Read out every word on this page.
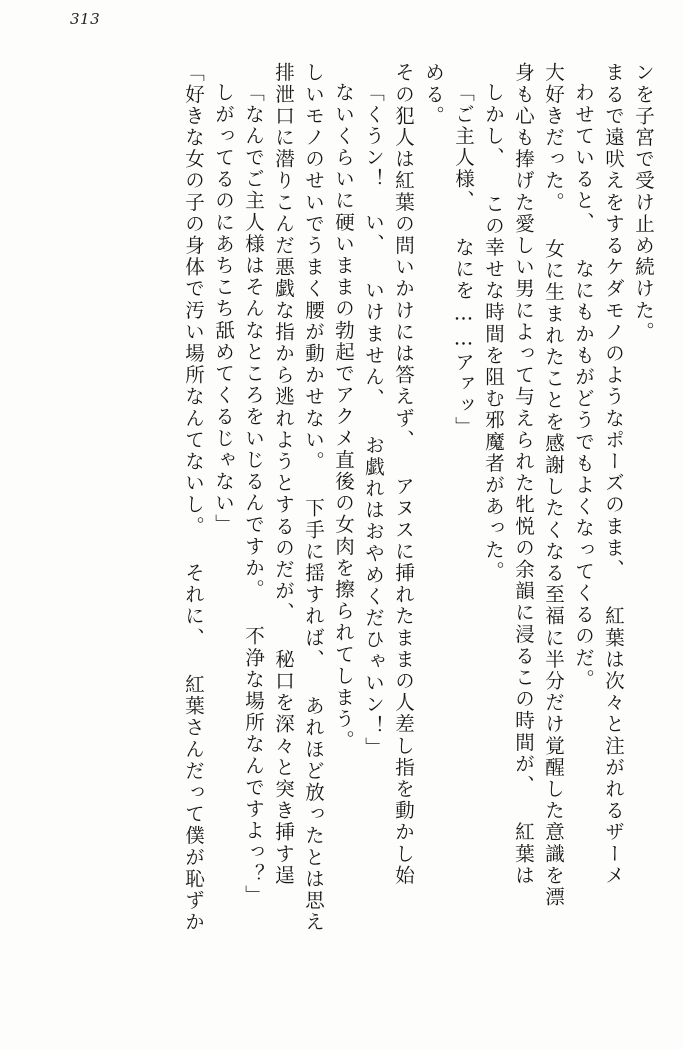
313
ンを子宮で受け止め続けた。
まるで遠吠えをするケダモノのようなポーズのまま、 紅葉は次々と注がれるザーメ
わせていると、 なにもかもがどうでもよくなってくるのだ。
大好きだった。 女に生まれたことを感謝したくなる至福に半分だけ覚醒した意識を漂
身も心も捧げた愛しい男によって与えられた牝悦の余韻に浸るこの時間が、 紅葉は
しかし、 この幸せな時間を阻む邪魔者があった。
「ご主人様、 なにを……アァッ」
める。
その犯人は紅葉の問いかけには答えず、 アヌスに挿れたままの人差し指を動かし始
「くうン！　い、 いけません、 お戯れはおやめくだひゃいン！」
ないくらいに硬いままの勃起でアクメ直後の女肉を擦られてしまう。
しいモノのせいでうまく腰が動かせない。 下手に揺すれば、 あれほど放ったとは思え
排泄口に潜りこんだ悪戯な指から逃れようとするのだが、 秘口を深々と突き挿す逞
「なんでご主人様はそんなところをいじるんですか。 不浄な場所なんですよっ？」
しがってるのにあちこち舐めてくるじゃない」
「好きな女の子の身体で汚い場所なんてないし。 それに、 紅葉さんだって僕が恥ずか
